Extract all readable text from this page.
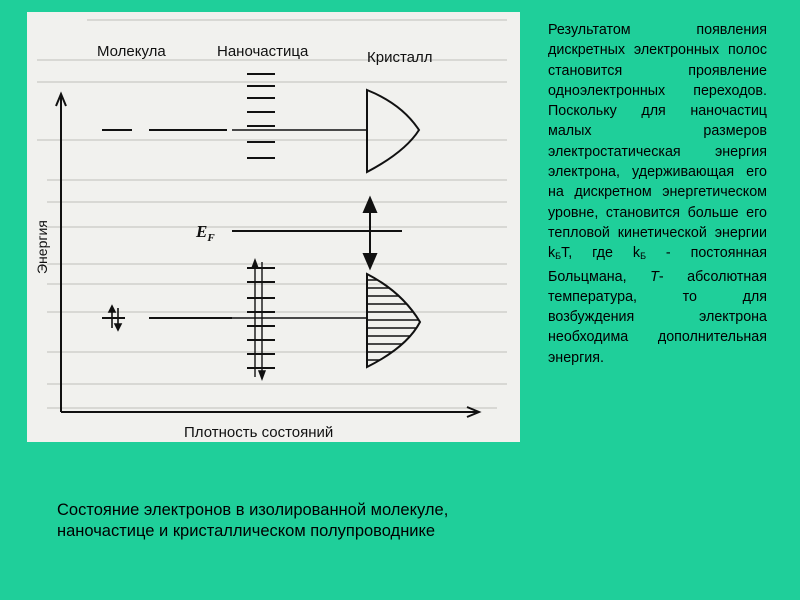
Молекула	Наночастица	Кристалл
Энергия
Плотность состояний
$E_F$
Состояние электронов в изолированной молекуле,
наночастице и кристаллическом полупроводнике
Результатом появления дискретных электронных полос становится проявление одноэлектронных переходов. Поскольку для наночастиц малых размеров электростатическая энергия электрона, удерживающая его на дискретном энергетическом уровне, становится больше его тепловой кинетической энергии $k_БT$, где $k_Б$ - постоянная Больцмана, T- абсолютная температура, то для возбуждения электрона необходима дополнительная энергия.
